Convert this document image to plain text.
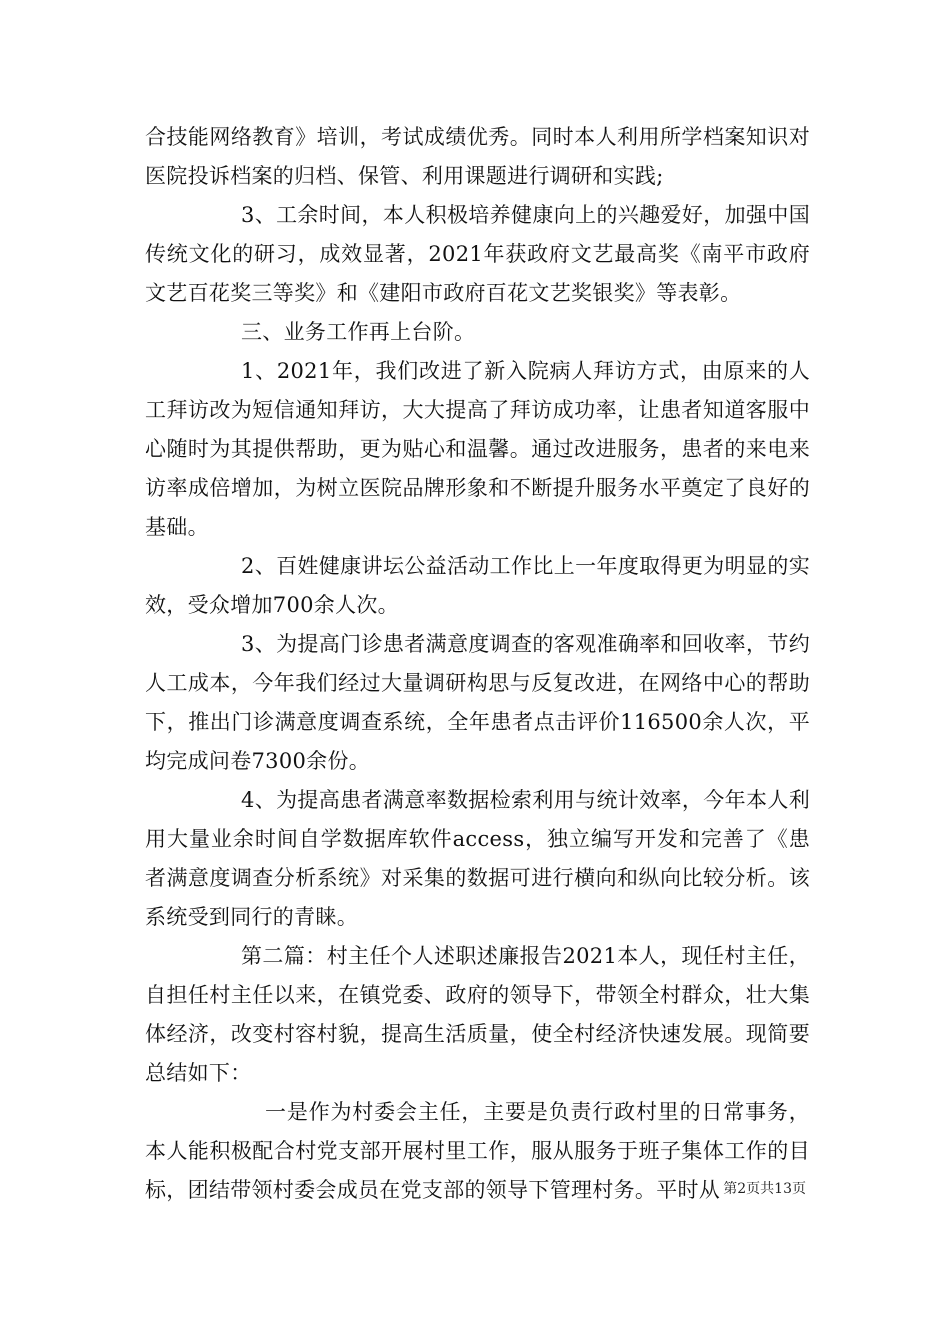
合技能网络教育》培训，考试成绩优秀。同时本人利用所学档案知识对医院投诉档案的归档、保管、利用课题进行调研和实践;

3、工余时间，本人积极培养健康向上的兴趣爱好，加强中国传统文化的研习，成效显著，2021年获政府文艺最高奖《南平市政府文艺百花奖三等奖》和《建阳市政府百花文艺奖银奖》等表彰。

三、业务工作再上台阶。

1、2021年，我们改进了新入院病人拜访方式，由原来的人工拜访改为短信通知拜访，大大提高了拜访成功率，让患者知道客服中心随时为其提供帮助，更为贴心和温馨。通过改进服务，患者的来电来访率成倍增加，为树立医院品牌形象和不断提升服务水平奠定了良好的基础。

2、百姓健康讲坛公益活动工作比上一年度取得更为明显的实效，受众增加700余人次。

3、为提高门诊患者满意度调查的客观准确率和回收率，节约人工成本，今年我们经过大量调研构思与反复改进，在网络中心的帮助下，推出门诊满意度调查系统，全年患者点击评价116500余人次，平均完成问卷7300余份。

4、为提高患者满意率数据检索利用与统计效率，今年本人利用大量业余时间自学数据库软件access，独立编写开发和完善了《患者满意度调查分析系统》对采集的数据可进行横向和纵向比较分析。该系统受到同行的青睐。

第二篇：村主任个人述职述廉报告2021本人，现任村主任，自担任村主任以来，在镇党委、政府的领导下，带领全村群众，壮大集体经济，改变村容村貌，提高生活质量，使全村经济快速发展。现简要总结如下：

一是作为村委会主任，主要是负责行政村里的日常事务，本人能积极配合村党支部开展村里工作，服从服务于班子集体工作的目标，团结带领村委会成员在党支部的领导下管理村务。平时从 第2页共13页
